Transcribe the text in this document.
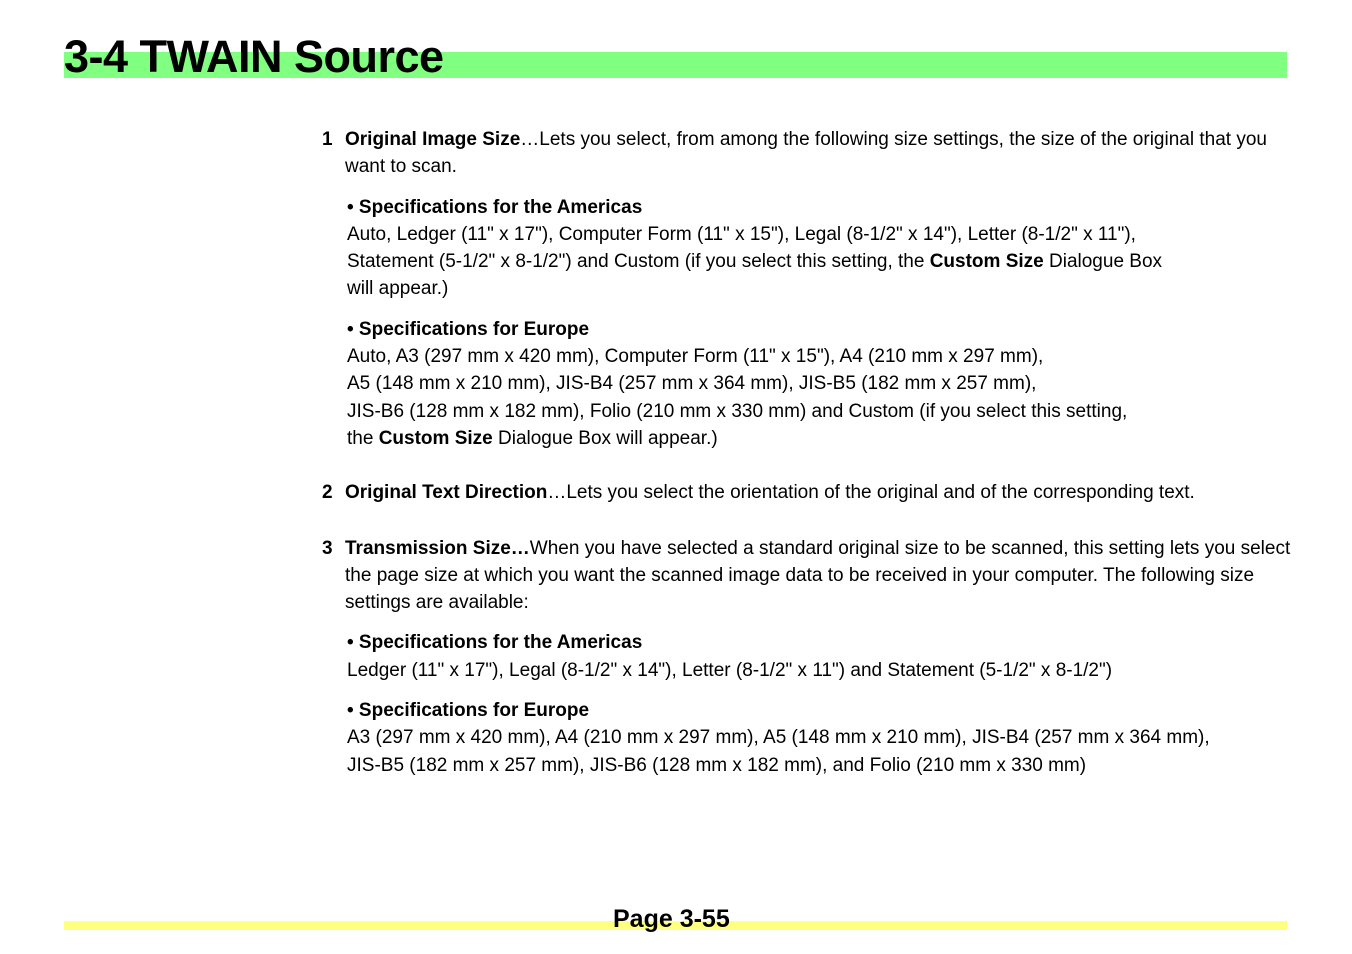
3-4 TWAIN Source
1 Original Image Size…Lets you select, from among the following size settings, the size of the original that you want to scan.

• Specifications for the Americas
Auto, Ledger (11" x 17"), Computer Form (11" x 15"), Legal (8-1/2" x 14"), Letter (8-1/2" x 11"),
Statement (5-1/2" x 8-1/2") and Custom (if you select this setting, the Custom Size Dialogue Box
will appear.)
• Specifications for Europe
Auto, A3 (297 mm x 420 mm), Computer Form (11" x 15"), A4 (210 mm x 297 mm),
A5 (148 mm x 210 mm), JIS-B4 (257 mm x 364 mm), JIS-B5 (182 mm x 257 mm),
JIS-B6 (128 mm x 182 mm), Folio (210 mm x 330 mm) and Custom (if you select this setting,
the Custom Size Dialogue Box will appear.)
2 Original Text Direction…Lets you select the orientation of the original and of the corresponding text.

3 Transmission Size…When you have selected a standard original size to be scanned, this setting lets you select the page size at which you want the scanned image data to be received in your computer. The following size settings are available:

• Specifications for the Americas
Ledger (11" x 17"), Legal (8-1/2" x 14"), Letter (8-1/2" x 11") and Statement (5-1/2" x 8-1/2")
• Specifications for Europe
A3 (297 mm x 420 mm), A4 (210 mm x 297 mm), A5 (148 mm x 210 mm), JIS-B4 (257 mm x 364 mm),
JIS-B5 (182 mm x 257 mm), JIS-B6 (128 mm x 182 mm), and Folio (210 mm x 330 mm)

Page 3-55
